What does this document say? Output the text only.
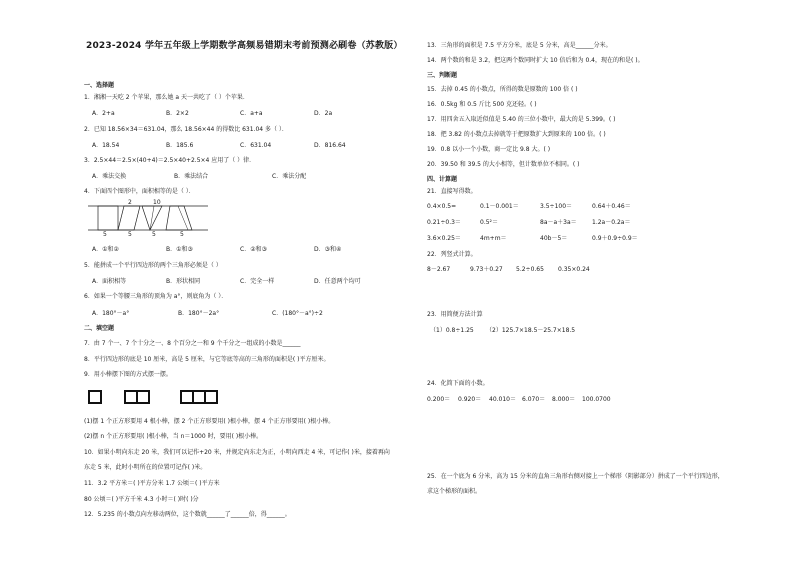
2023-2024 学年五年级上学期数学高频易错期末考前预测必刷卷（苏教版）
一、选择题
1．湘湘一天吃 2 个苹果，那么她 a 天一共吃了（ ）个苹果．
A．2+a	B．2×2	C．a+a	D．2a
2．已知 18.56×34＝631.04，那么 18.56×44 的得数比 631.04 多（ ）．
A．18.54	B．185.6	C．631.04	D．816.64
3．2.5×44＝2.5×(40+4)＝2.5×40+2.5×4 应用了（ ）律．
A．乘法交换	B．乘法结合	C．乘法分配
4．下面四个图形中，面积相等的是（ ）．
2	10
5	5	5	5
A．①和②	B．①和③	C．②和③	D．③和④
5．能拼成一个平行四边形的两个三角形必须是（ ）
A．面积相等	B．形状相同	C．完全一样	D．任意两个均可
6．如果一个等腰三角形的顶角为 a°，则底角为（ ）．
A．180°－a°	B．180°－2a°	C．(180°－a°)÷2
二、填空题
7．由 7 个一、7 个十分之一、8 个百分之一和 9 个千分之一组成的小数是______
8．平行四边形的底是 10 厘米，高是 5 厘米，与它等底等高的三角形的面积是( )平方厘米。
9．用小棒摆下图的方式摆一摆。
(1)摆 1 个正方形要用 4 根小棒，摆 2 个正方形要用( )根小棒，摆 4 个正方形要用( )根小棒。
(2)摆 n 个正方形要用( )根小棒，当 n＝1000 时，要用( )根小棒。
10．如果小明向东走 20 米，我们可以记作+20 米，并规定向东走为正，小明向西走 4 米，可记作( )米，接着再向
东走 5 米，此时小明所在的位置可记作( )米。
11．3.2 平方米＝( )平方分米 1.7 公顷＝( )平方米
80 公顷＝( )平方千米 4.3 小时＝( )时( )分
12．5.235 的小数点向左移动两位，这个数就______了______倍，得______。
13．三角形的面积是 7.5 平方分米，底是 5 分米，高是______分米。
14．两个数的和是 3.2，把这两个数同时扩大 10 倍后和为 0.4，现在的和是( )。
三、判断题
15．去掉 0.45 的小数点，所得的数是原数的 100 倍 ( )
16．0.5kg 和 0.5 斤比 500 克还轻。( )
17．用四舍五入取近似值是 5.40 的三位小数中，最大的是 5.399。( )
18．把 3.82 的小数点去掉就等于把原数扩大到原来的 100 倍。( )
19．0.8 以小一个小数，商一定比 9.8 大。( )
20．39.50 和 39.5 的大小相等，但计数单位不相同。( )
四、计算题
21．直接写得数。
0.4×0.5=	0.1－0.001＝	3.5÷100＝	0.64＋0.46＝
0.21÷0.3＝	0.5²＝	8a－a＋3a＝	1.2a－0.2a＝
3.6×0.25＝	4m+m＝	40b－5＝	0.9＋0.9÷0.9＝
22．列竖式计算。
8－2.67	9.73＋0.27 5.2÷0.65 0.35×0.24
23．用简便方法计算
（1）0.8÷1.25 （2）125.7×18.5－25.7×18.5
24．化简下面的小数。
0.200＝ 0.920＝ 40.010＝ 6.070＝ 8.000＝ 100.0700
25．在一个底为 6 分米，高为 15 分米的直角三角形右侧对接上一个梯形（阴影部分）拼成了一个平行四边形，
求这个梯形的面积。
